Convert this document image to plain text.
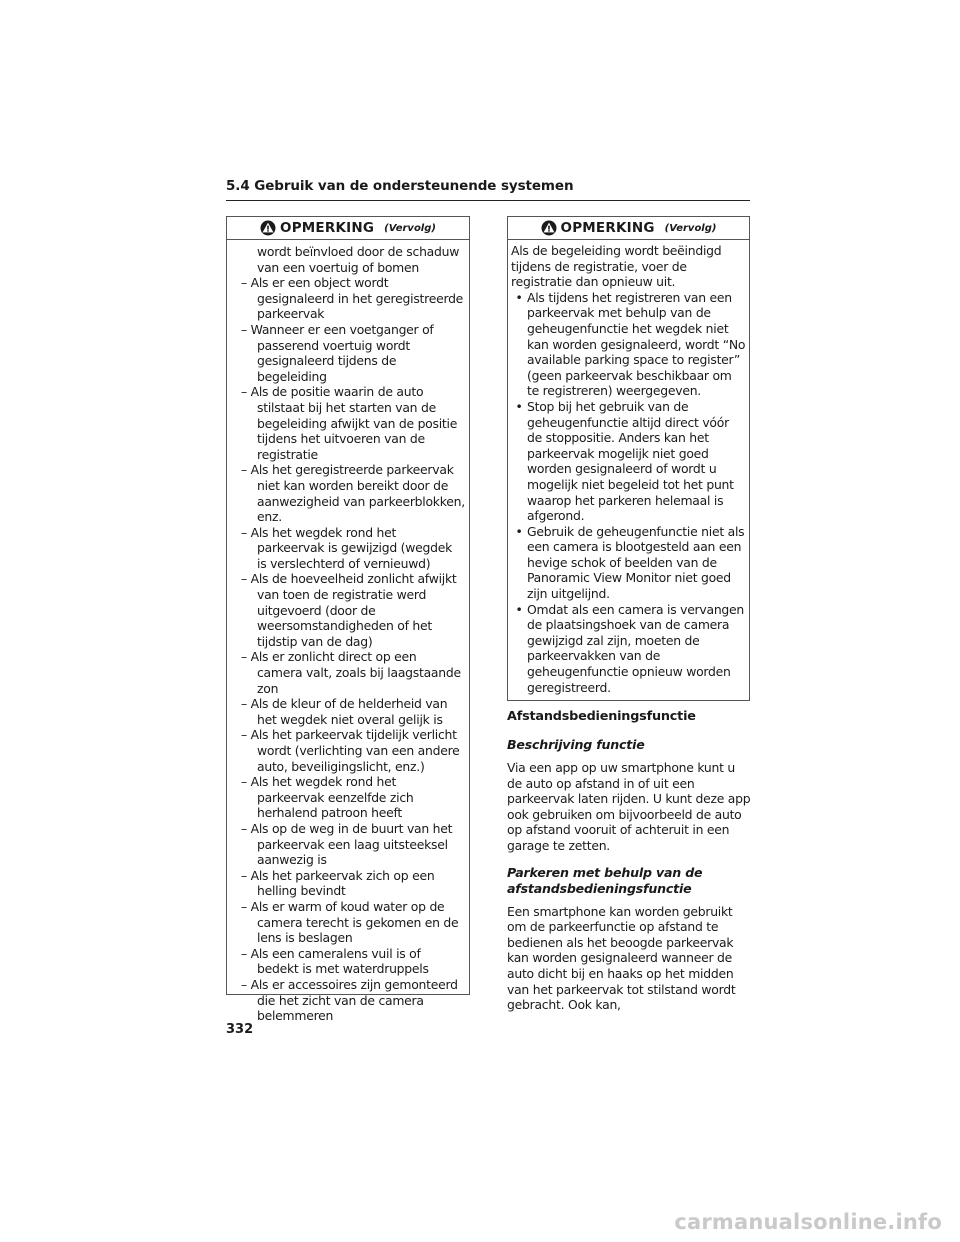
5.4 Gebruik van de ondersteunende systemen
OPMERKING (Vervolg)
wordt beïnvloed door de schaduw van een voertuig of bomen
– Als er een object wordt gesignaleerd in het geregistreerde parkeervak
– Wanneer er een voetganger of passerend voertuig wordt gesignaleerd tijdens de begeleiding
– Als de positie waarin de auto stilstaat bij het starten van de begeleiding afwijkt van de positie tijdens het uitvoeren van de registratie
– Als het geregistreerde parkeervak niet kan worden bereikt door de aanwezigheid van parkeerblokken, enz.
– Als het wegdek rond het parkeervak is gewijzigd (wegdek is verslechterd of vernieuwd)
– Als de hoeveelheid zonlicht afwijkt van toen de registratie werd uitgevoerd (door de weersomstandigheden of het tijdstip van de dag)
– Als er zonlicht direct op een camera valt, zoals bij laagstaande zon
– Als de kleur of de helderheid van het wegdek niet overal gelijk is
– Als het parkeervak tijdelijk verlicht wordt (verlichting van een andere auto, beveiligingslicht, enz.)
– Als het wegdek rond het parkeervak eenzelfde zich herhalend patroon heeft
– Als op de weg in de buurt van het parkeervak een laag uitsteeksel aanwezig is
– Als het parkeervak zich op een helling bevindt
– Als er warm of koud water op de camera terecht is gekomen en de lens is beslagen
– Als een cameralens vuil is of bedekt is met waterdruppels
– Als er accessoires zijn gemonteerd die het zicht van de camera belemmeren
OPMERKING (Vervolg)
Als de begeleiding wordt beëindigd tijdens de registratie, voer de registratie dan opnieuw uit.
• Als tijdens het registreren van een parkeervak met behulp van de geheugenfunctie het wegdek niet kan worden gesignaleerd, wordt “No available parking space to register” (geen parkeervak beschikbaar om te registreren) weergegeven.
• Stop bij het gebruik van de geheugenfunctie altijd direct vóór de stoppositie. Anders kan het parkeervak mogelijk niet goed worden gesignaleerd of wordt u mogelijk niet begeleid tot het punt waarop het parkeren helemaal is afgerond.
• Gebruik de geheugenfunctie niet als een camera is blootgesteld aan een hevige schok of beelden van de Panoramic View Monitor niet goed zijn uitgelijnd.
• Omdat als een camera is vervangen de plaatsingshoek van de camera gewijzigd zal zijn, moeten de parkeervakken van de geheugenfunctie opnieuw worden geregistreerd.
Afstandsbedieningsfunctie
Beschrijving functie

Via een app op uw smartphone kunt u de auto op afstand in of uit een parkeervak laten rijden. U kunt deze app ook gebruiken om bijvoorbeeld de auto op afstand vooruit of achteruit in een garage te zetten.

Parkeren met behulp van de afstandsbedieningsfunctie

Een smartphone kan worden gebruikt om de parkeerfunctie op afstand te bedienen als het beoogde parkeervak kan worden gesignaleerd wanneer de auto dicht bij en haaks op het midden van het parkeervak tot stilstand wordt gebracht. Ook kan,

332
carmanualsonline.info
